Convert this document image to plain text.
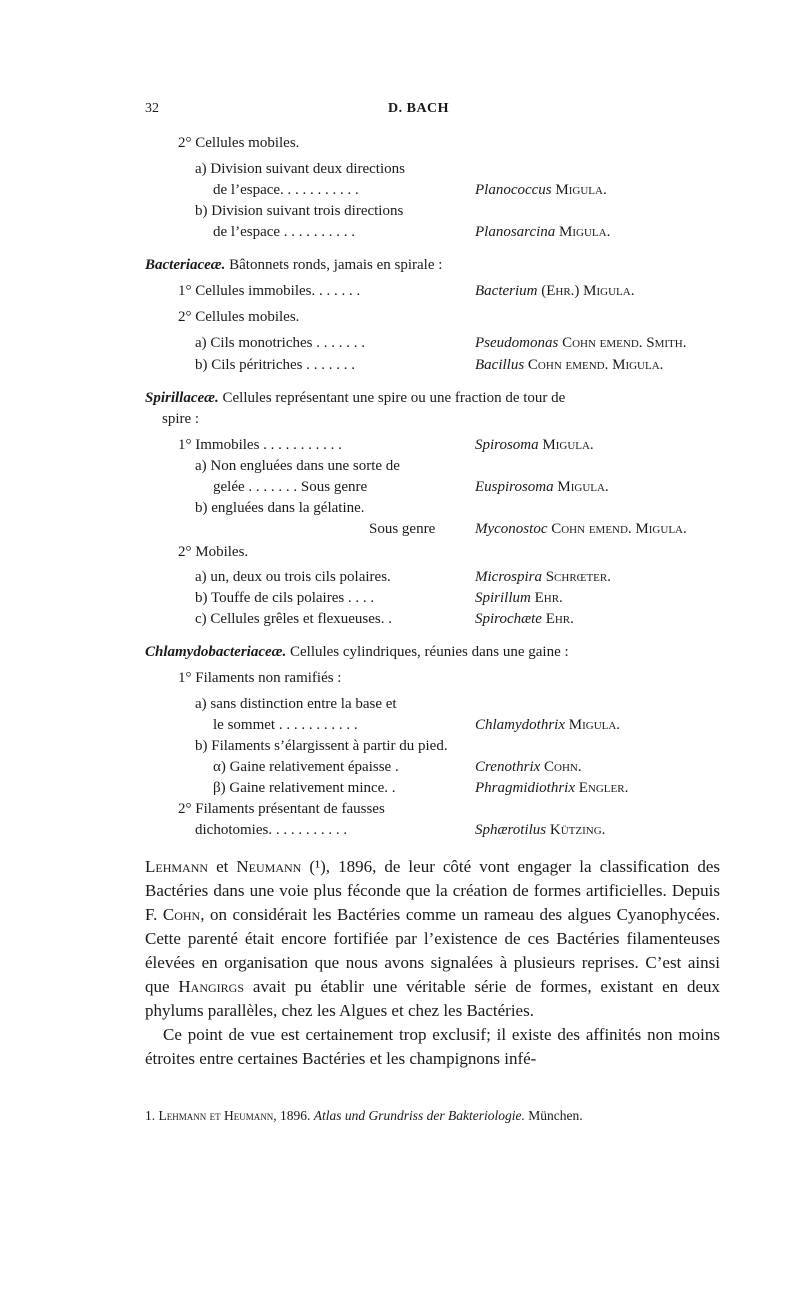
32	D. BACH
2° Cellules mobiles.
a) Division suivant deux directions
de l’espace. . . . . . . . . . .	Planococcus Migula.
b) Division suivant trois directions
de l’espace . . . . . . . . . .	Planosarcina Migula.
Bacteriaceæ. Bâtonnets ronds, jamais en spirale :
1° Cellules immobiles. . . . . . .	Bacterium (Ehr.) Migula.
2° Cellules mobiles.
a) Cils monotriches . . . . . . .	Pseudomonas Cohn emend. Smith.
b) Cils péritriches . . . . . . .	Bacillus Cohn emend. Migula.
Spirillaceæ. Cellules représentant une spire ou une fraction de tour de
spire :
1° Immobiles . . . . . . . . . . .	Spirosoma Migula.
a) Non engluées dans une sorte de
gelée . . . . . . . Sous genre	Euspirosoma Migula.
b) engluées dans la gélatine.
Sous genre	Myconostoc Cohn emend. Migula.
2° Mobiles.
a) un, deux ou trois cils polaires.	Microspira Schrœter.
b) Touffe de cils polaires . . . .	Spirillum Ehr.
c) Cellules grêles et flexueuses. .	Spirochæte Ehr.
Chlamydobacteriaceæ. Cellules cylindriques, réunies dans une gaine :
1° Filaments non ramifiés :
a) sans distinction entre la base et
le sommet . . . . . . . . . . .	Chlamydothrix Migula.
b) Filaments s’élargissent à partir du pied.
α) Gaine relativement épaisse .	Crenothrix Cohn.
β) Gaine relativement mince. .	Phragmidiothrix Engler.
2° Filaments présentant de fausses
dichotomies. . . . . . . . . . .	Sphærotilus Kützing.

Lehmann et Neumann (¹), 1896, de leur côté vont engager la classification des Bactéries dans une voie plus féconde que la création de formes artificielles. Depuis F. Cohn, on considérait les Bactéries comme un rameau des algues Cyanophycées. Cette parenté était encore fortifiée par l’existence de ces Bactéries filamenteuses élevées en organisation que nous avons signalées à plusieurs reprises. C’est ainsi que Hangirgs avait pu établir une véritable série de formes, existant en deux phylums parallèles, chez les Algues et chez les Bactéries.

Ce point de vue est certainement trop exclusif; il existe des affinités non moins étroites entre certaines Bactéries et les champignons infé-

1. Lehmann et Heumann, 1896. Atlas und Grundriss der Bakteriologie. München.
